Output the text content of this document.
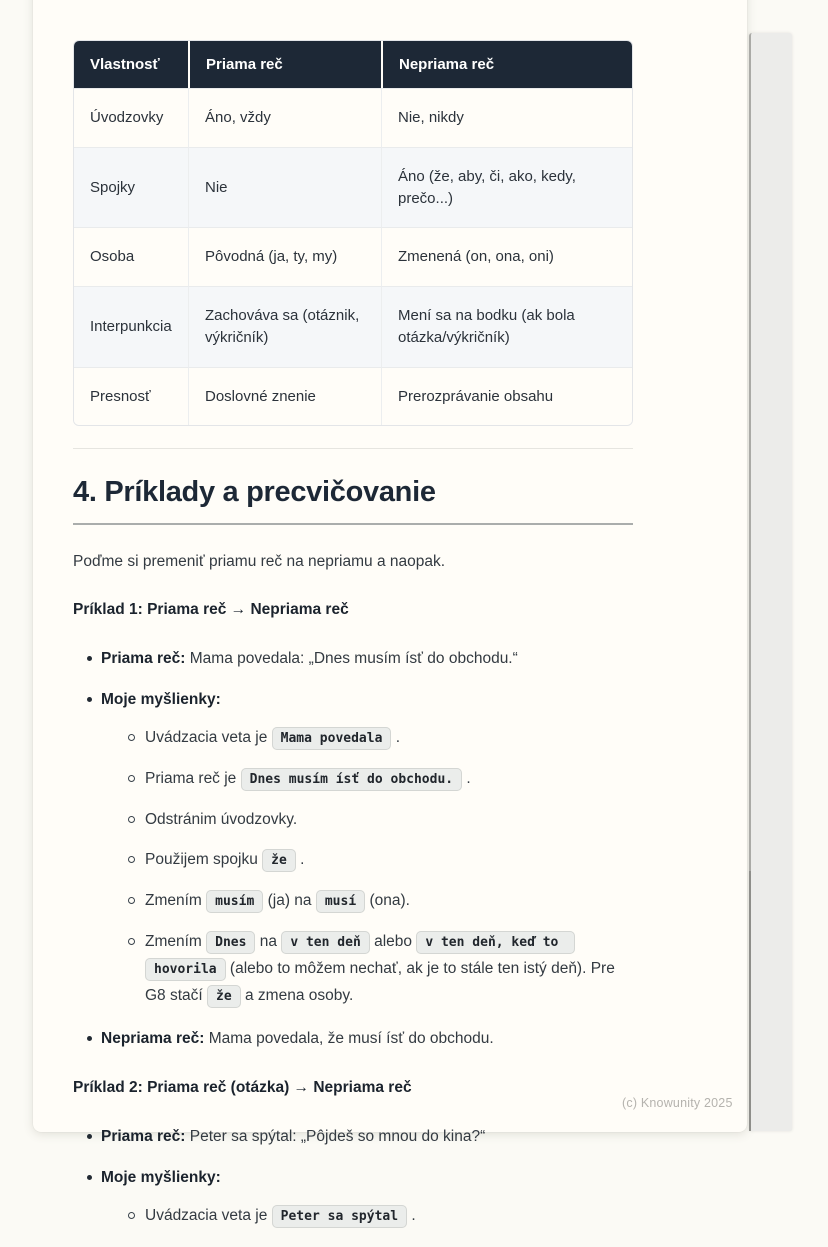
Vlastnosť	Priama reč	Nepriama reč
Úvodzovky	Áno, vždy	Nie, nikdy
Spojky	Nie	Áno (že, aby, či, ako, kedy, prečo...)
Osoba	Pôvodná (ja, ty, my)	Zmenená (on, ona, oni)
Interpunkcia	Zachováva sa (otáznik, výkričník)	Mení sa na bodku (ak bola otázka/výkričník)
Presnosť	Doslovné znenie	Prerozprávanie obsahu
4. Príklady a precvičovanie

Poďme si premeniť priamu reč na nepriamu a naopak.

Príklad 1: Priama reč → Nepriama reč

Priama reč: Mama povedala: „Dnes musím ísť do obchodu.“
Moje myšlienky:
Uvádzacia veta je Mama povedala .
Priama reč je Dnes musím ísť do obchodu. .
Odstránim úvodzovky.
Použijem spojku že .
Zmením musím (ja) na musí (ona).
Zmením Dnes na v ten deň alebo v ten deň, keď to hovorila (alebo to môžem nechať, ak je to stále ten istý deň). Pre G8 stačí že a zmena osoby.
Nepriama reč: Mama povedala, že musí ísť do obchodu.

Príklad 2: Priama reč (otázka) → Nepriama reč

Priama reč: Peter sa spýtal: „Pôjdeš so mnou do kina?“
Moje myšlienky:
Uvádzacia veta je Peter sa spýtal .
(c) Knowunity 2025
